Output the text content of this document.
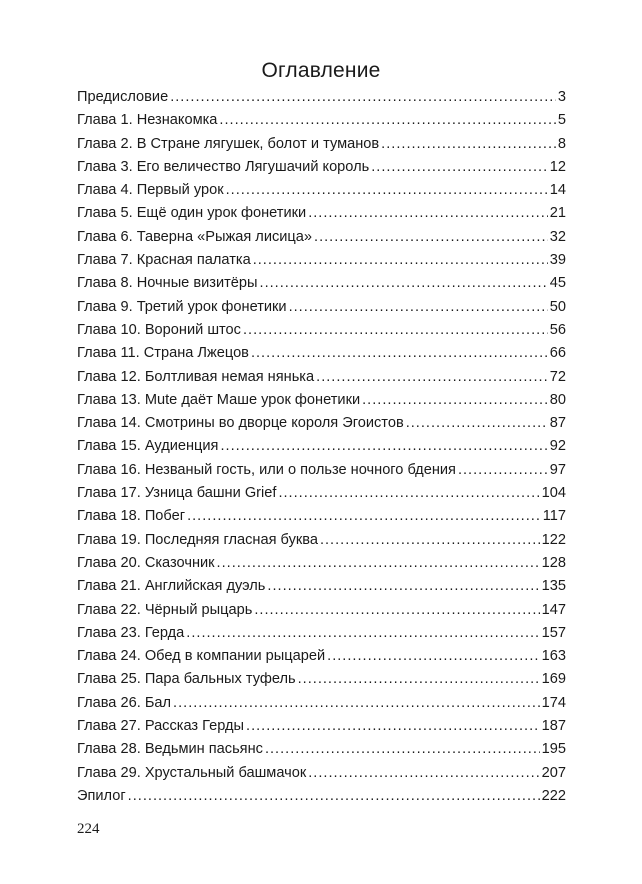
Оглавление
Предисловие .....	3
Глава 1. Незнакомка .....	5
Глава 2. В Стране лягушек, болот и туманов .....	8
Глава 3. Его величество Лягушачий король .....	12
Глава 4. Первый урок .....	14
Глава 5. Ещё один урок фонетики .....	21
Глава 6. Таверна «Рыжая лисица» .....	32
Глава 7. Красная палатка .....	39
Глава 8. Ночные визитёры .....	45
Глава 9. Третий урок фонетики .....	50
Глава 10. Вороний штос .....	56
Глава 11. Страна Лжецов .....	66
Глава 12. Болтливая немая нянька .....	72
Глава 13. Mute даёт Маше урок фонетики .....	80
Глава 14. Смотрины во дворце короля Эгоистов .....	87
Глава 15. Аудиенция .....	92
Глава 16. Незваный гость, или о пользе ночного бдения .....	97
Глава 17. Узница башни Grief .....	104
Глава 18. Побег .....	117
Глава 19. Последняя гласная буква .....	122
Глава 20. Сказочник .....	128
Глава 21. Английская дуэль .....	135
Глава 22. Чёрный рыцарь .....	147
Глава 23. Герда .....	157
Глава 24. Обед в компании рыцарей .....	163
Глава 25. Пара бальных туфель .....	169
Глава 26. Бал .....	174
Глава 27. Рассказ Герды .....	187
Глава 28. Ведьмин пасьянс .....	195
Глава 29. Хрустальный башмачок .....	207
Эпилог .....	222
224
